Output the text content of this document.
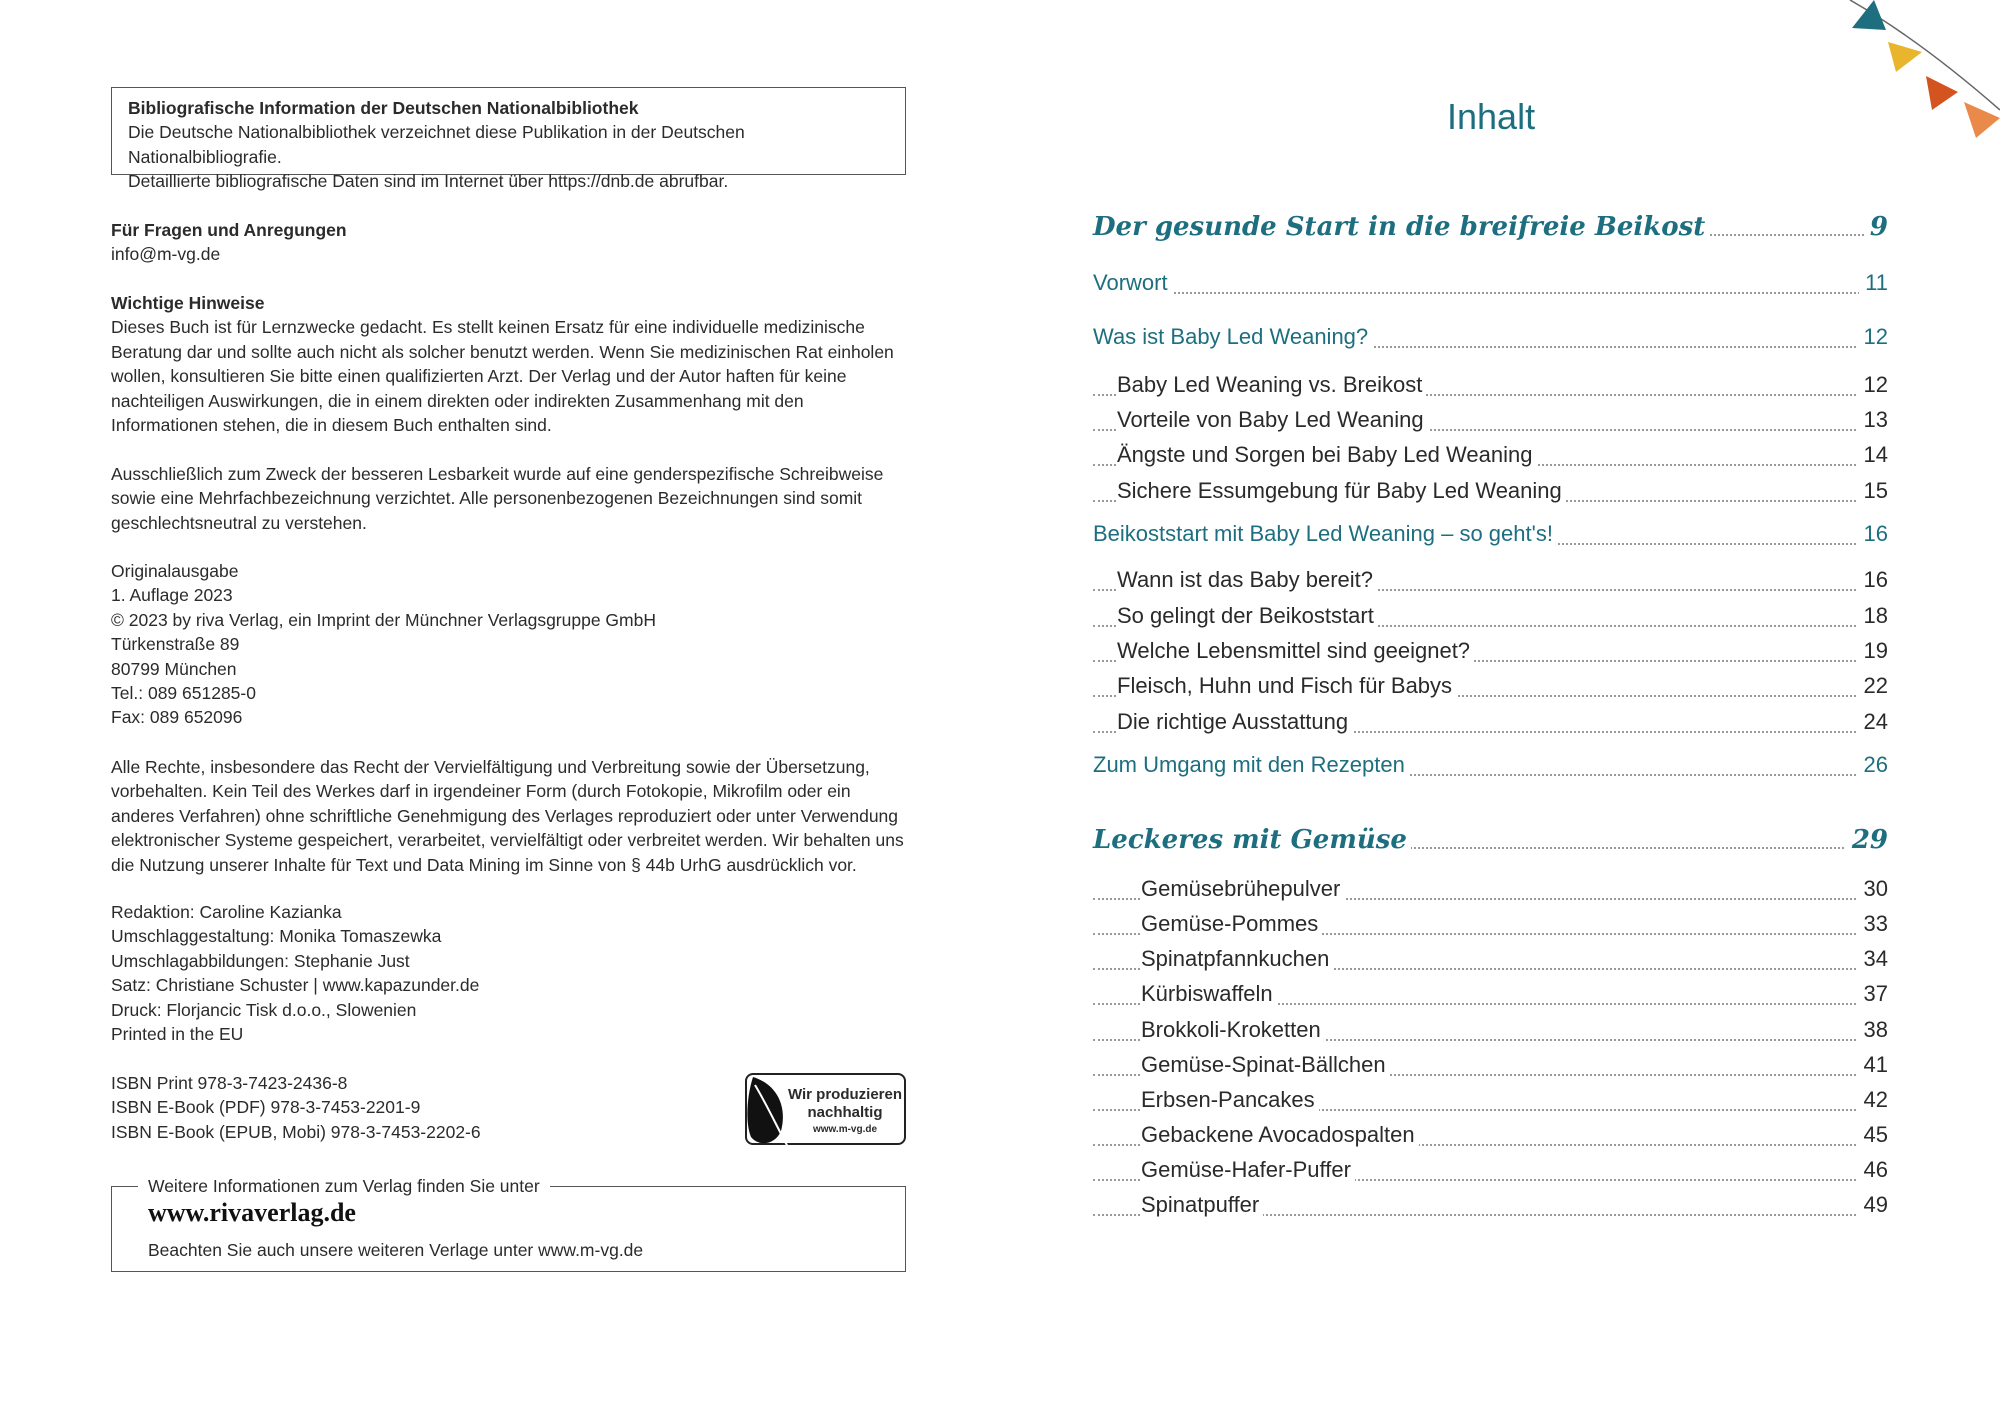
Bibliografische Information der Deutschen Nationalbibliothek
Die Deutsche Nationalbibliothek verzeichnet diese Publikation in der Deutschen Nationalbibliografie.
Detaillierte bibliografische Daten sind im Internet über https://dnb.de abrufbar.
Für Fragen und Anregungen
info@m-vg.de
Wichtige Hinweise

Dieses Buch ist für Lernzwecke gedacht. Es stellt keinen Ersatz für eine individuelle medizinische Beratung dar und sollte auch nicht als solcher benutzt werden. Wenn Sie medizinischen Rat einholen wollen, konsultieren Sie bitte einen qualifizierten Arzt. Der Verlag und der Autor haften für keine nachteiligen Auswirkungen, die in einem direkten oder indirekten Zusammenhang mit den Informationen stehen, die in diesem Buch enthalten sind.

Ausschließlich zum Zweck der besseren Lesbarkeit wurde auf eine genderspezifische Schreibweise sowie eine Mehrfachbezeichnung verzichtet. Alle personenbezogenen Bezeichnungen sind somit geschlechtsneutral zu verstehen.

Originalausgabe
1. Auflage 2023
© 2023 by riva Verlag, ein Imprint der Münchner Verlagsgruppe GmbH
Türkenstraße 89
80799 München
Tel.: 089 651285-0
Fax: 089 652096

Alle Rechte, insbesondere das Recht der Vervielfältigung und Verbreitung sowie der Übersetzung, vorbehalten. Kein Teil des Werkes darf in irgendeiner Form (durch Fotokopie, Mikrofilm oder ein anderes Verfahren) ohne schriftliche Genehmigung des Verlages reproduziert oder unter Verwendung elektronischer Systeme gespeichert, verarbeitet, vervielfältigt oder verbreitet werden. Wir behalten uns die Nutzung unserer Inhalte für Text und Data Mining im Sinne von § 44b UrhG ausdrücklich vor.

Redaktion: Caroline Kazianka
Umschlaggestaltung: Monika Tomaszewka
Umschlagabbildungen: Stephanie Just
Satz: Christiane Schuster | www.kapazunder.de
Druck: Florjancic Tisk d.o.o., Slowenien
Printed in the EU
ISBN Print 978-3-7423-2436-8
ISBN E-Book (PDF) 978-3-7453-2201-9
ISBN E-Book (EPUB, Mobi) 978-3-7453-2202-6
Wir produzieren
nachhaltig
www.m-vg.de
Weitere Informationen zum Verlag finden Sie unter
www.rivaverlag.de
Beachten Sie auch unsere weiteren Verlage unter www.m-vg.de
Inhalt
Der gesunde Start in die breifreie Beikost	9
Vorwort	11
Was ist Baby Led Weaning?	12
Baby Led Weaning vs. Breikost	12
Vorteile von Baby Led Weaning	13
Ängste und Sorgen bei Baby Led Weaning	14
Sichere Essumgebung für Baby Led Weaning	15
Beikoststart mit Baby Led Weaning – so geht's!	16
Wann ist das Baby bereit?	16
So gelingt der Beikoststart	18
Welche Lebensmittel sind geeignet?	19
Fleisch, Huhn und Fisch für Babys	22
Die richtige Ausstattung	24
Zum Umgang mit den Rezepten	26
Leckeres mit Gemüse	29
Gemüsebrühepulver	30
Gemüse-Pommes	33
Spinatpfannkuchen	34
Kürbiswaffeln	37
Brokkoli-Kroketten	38
Gemüse-Spinat-Bällchen	41
Erbsen-Pancakes	42
Gebackene Avocadospalten	45
Gemüse-Hafer-Puffer	46
Spinatpuffer	49
